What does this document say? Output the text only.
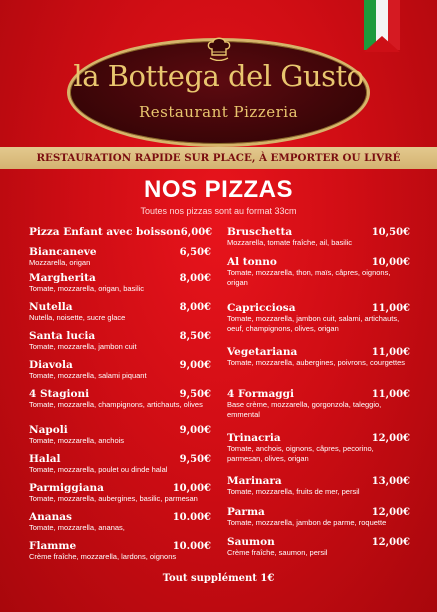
la Bottega del Gusto
Restaurant Pizzeria
RESTAURATION RAPIDE SUR PLACE, À EMPORTER OU LIVRÉ
NOS PIZZAS
Toutes nos pizzas sont au format 33cm
Pizza Enfant avec boisson 6,00€
Biancaneve	6,50€
Mozzarella, origan
Margherita	8,00€
Tomate, mozzarella, origan, basilic
Nutella	8,00€
Nutella, noisette, sucre glace
Santa lucia	8,50€
Tomate, mozzarella, jambon cuit
Diavola	9,00€
Tomate, mozzarella, salami piquant
4 Stagioni	9,50€
Tomate, mozzarella, champignons, artichauts, olives
Napoli	9,00€
Tomate, mozzarella, anchois
Halal	9,50€
Tomate, mozzarella, poulet ou dinde halal
Parmiggiana	10,00€
Tomate, mozzarella, aubergines, basilic, parmesan
Ananas	10.00€
Tomate, mozzarella, ananas,
Flamme	10.00€
Crème fraîche, mozzarella, lardons, oignons
Bruschetta	10,50€
Mozzarella, tomate fraîche, ail, basilic
Al tonno	10,00€
Tomate, mozzarella, thon, maïs, câpres, oignons, origan
Capricciosa	11,00€
Tomate, mozzarella, jambon cuit, salami, artichauts, oeuf, champignons, olives, origan
Vegetariana	11,00€
Tomate, mozzarella, aubergines, poivrons, courgettes
4 Formaggi	11,00€
Base crème, mozzarella, gorgonzola, taleggio, emmental
Trinacria	12,00€
Tomate, anchois, oignons, câpres, pecorino, parmesan, olives, origan
Marinara	13,00€
Tomate, mozzarella, fruits de mer, persil
Parma	12,00€
Tomate, mozzarella, jambon de parme, roquette
Saumon	12,00€
Crème fraîche, saumon, persil
Tout supplément 1€
